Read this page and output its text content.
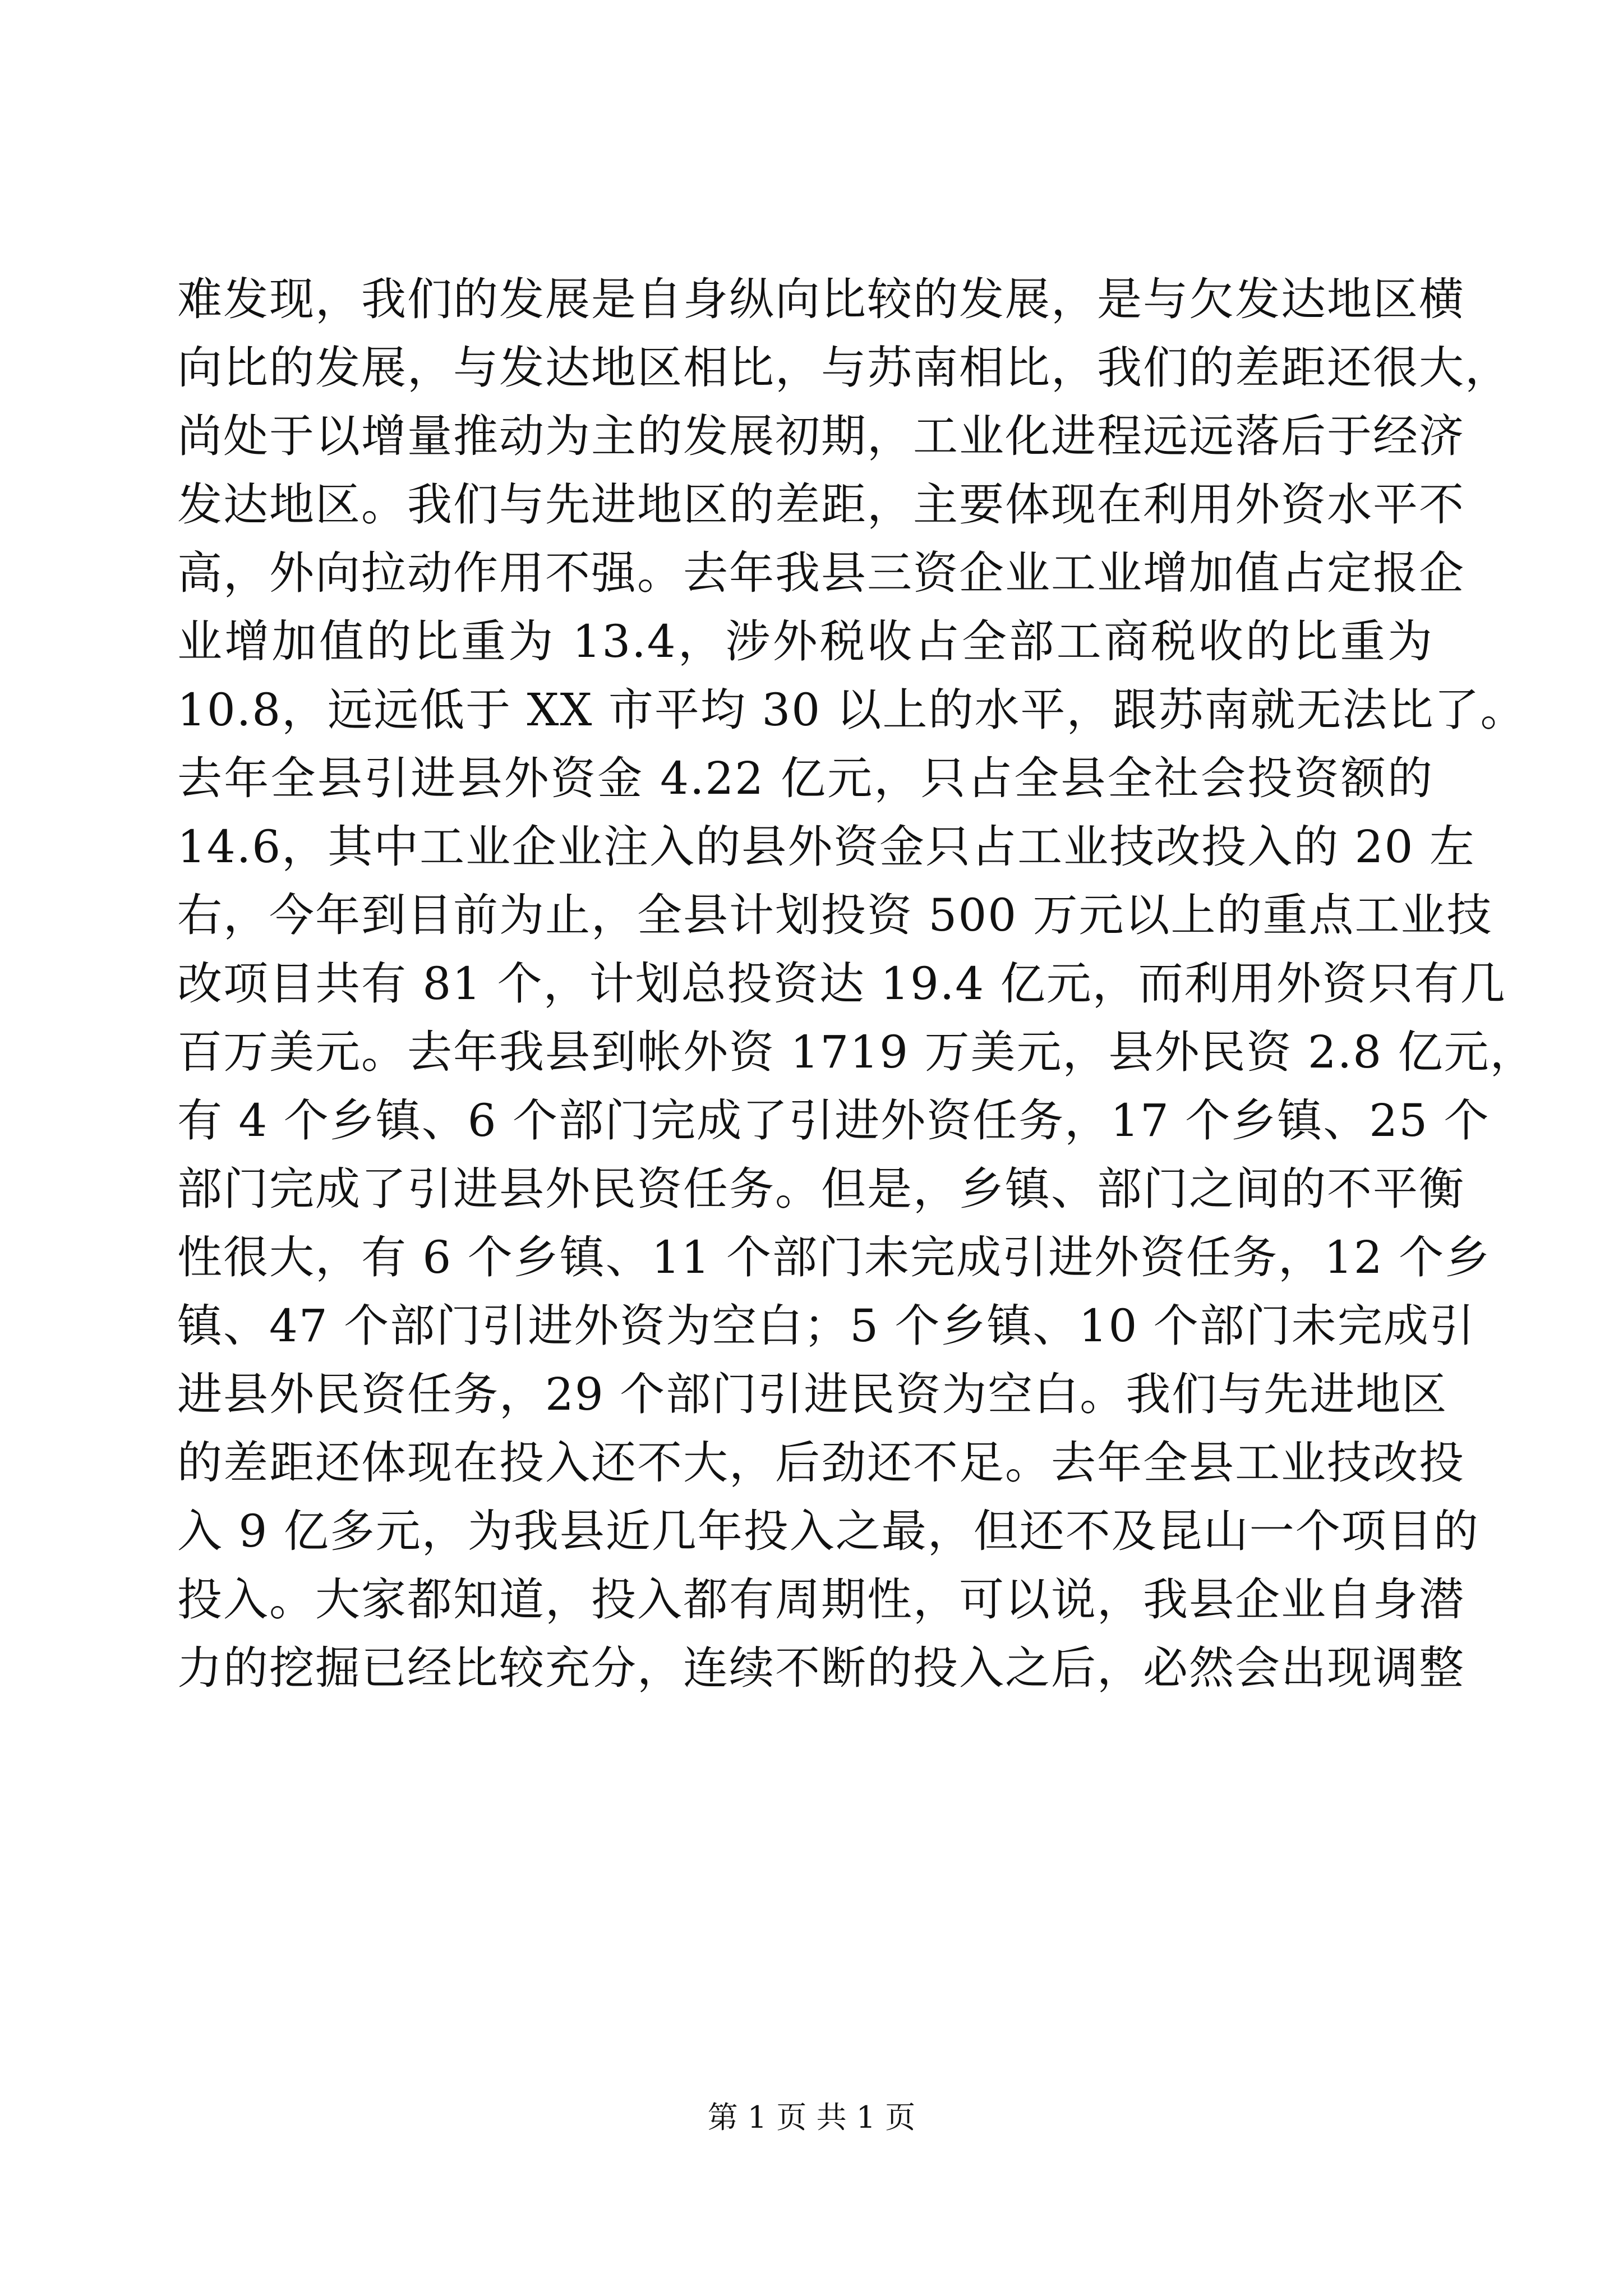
难发现，我们的发展是自身纵向比较的发展，是与欠发达地区横
向比的发展，与发达地区相比，与苏南相比，我们的差距还很大，
尚处于以增量推动为主的发展初期，工业化进程远远落后于经济
发达地区。我们与先进地区的差距，主要体现在利用外资水平不
高，外向拉动作用不强。去年我县三资企业工业增加值占定报企
业增加值的比重为 13.4，涉外税收占全部工商税收的比重为
10.8，远远低于 XX 市平均 30 以上的水平，跟苏南就无法比了。
去年全县引进县外资金 4.22 亿元，只占全县全社会投资额的
14.6，其中工业企业注入的县外资金只占工业技改投入的 20 左
右，今年到目前为止，全县计划投资 500 万元以上的重点工业技
改项目共有 81 个，计划总投资达 19.4 亿元，而利用外资只有几
百万美元。去年我县到帐外资 1719 万美元，县外民资 2.8 亿元，
有 4 个乡镇、6 个部门完成了引进外资任务，17 个乡镇、25 个
部门完成了引进县外民资任务。但是，乡镇、部门之间的不平衡
性很大，有 6 个乡镇、11 个部门未完成引进外资任务，12 个乡
镇、47 个部门引进外资为空白；5 个乡镇、10 个部门未完成引
进县外民资任务，29 个部门引进民资为空白。我们与先进地区
的差距还体现在投入还不大，后劲还不足。去年全县工业技改投
入 9 亿多元，为我县近几年投入之最，但还不及昆山一个项目的
投入。大家都知道，投入都有周期性，可以说，我县企业自身潜
力的挖掘已经比较充分，连续不断的投入之后，必然会出现调整
第 1 页 共 1 页
